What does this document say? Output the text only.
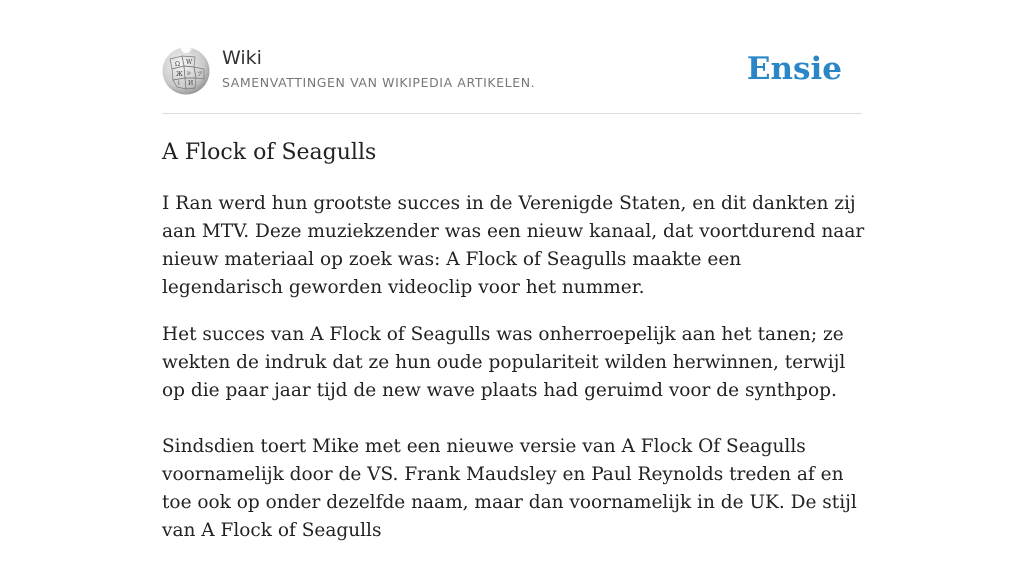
Ω W
Ж ν ア
ا И
Wiki
SAMENVATTINGEN VAN WIKIPEDIA ARTIKELEN.	Ensie
A Flock of Seagulls

I Ran werd hun grootste succes in de Verenigde Staten, en dit dankten zij aan MTV. Deze muziekzender was een nieuw kanaal, dat voortdurend naar nieuw materiaal op zoek was: A Flock of Seagulls maakte een legendarisch geworden videoclip voor het nummer.

Het succes van A Flock of Seagulls was onherroepelijk aan het tanen; ze wekten de indruk dat ze hun oude populariteit wilden herwinnen, terwijl op die paar jaar tijd de new wave plaats had geruimd voor de synthpop.

Sindsdien toert Mike met een nieuwe versie van A Flock Of Seagulls voornamelijk door de VS. Frank Maudsley en Paul Reynolds treden af en toe ook op onder dezelfde naam, maar dan voornamelijk in de UK. De stijl van A Flock of Seagulls
